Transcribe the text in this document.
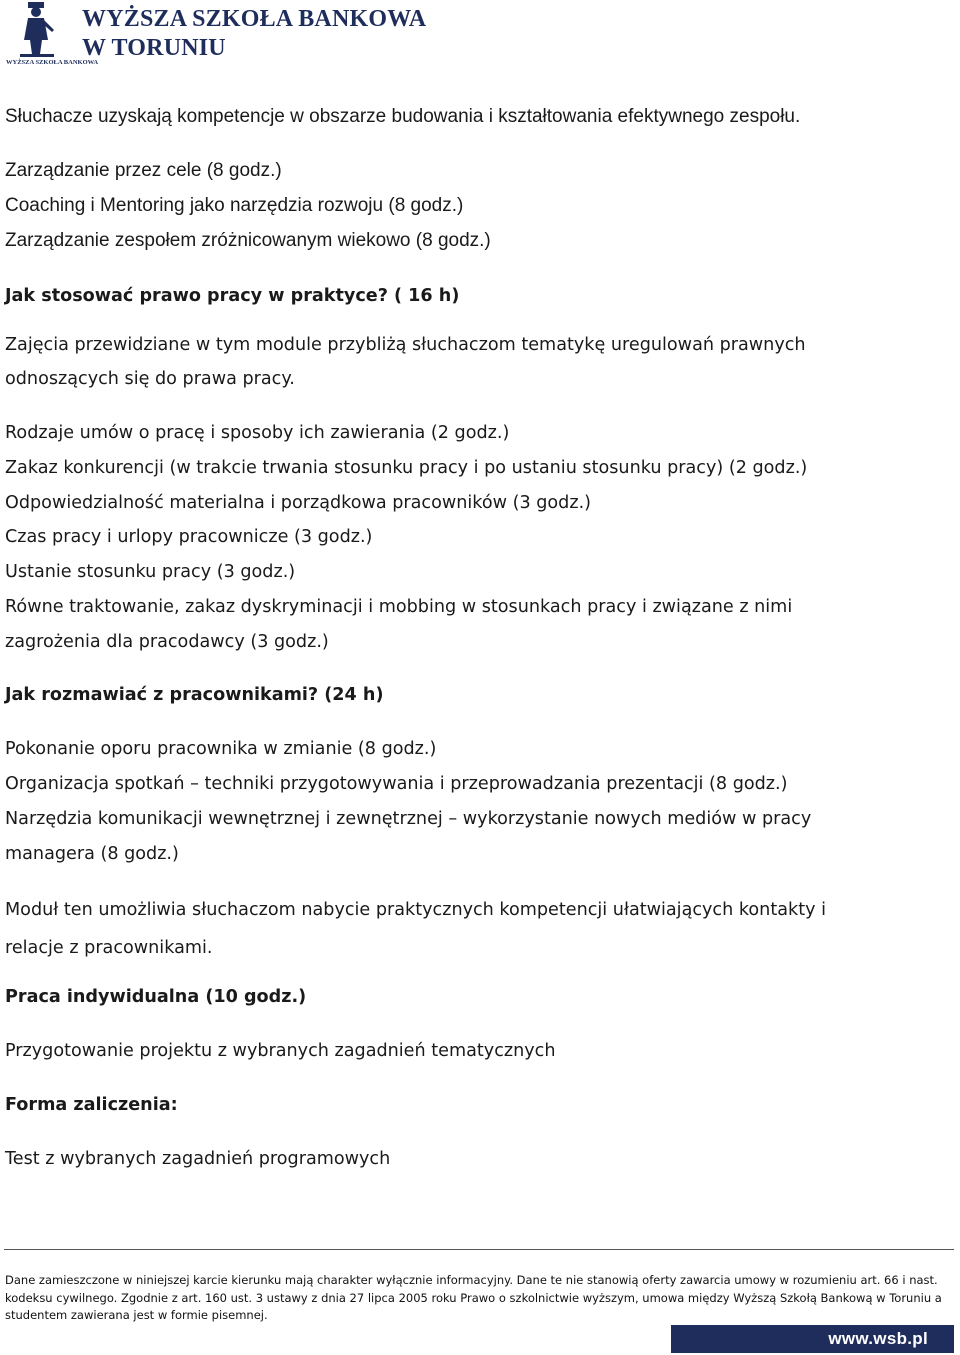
WYŻSZA SZKOŁA BANKOWA
WYŻSZA SZKOŁA BANKOWA
W TORUNIU
Słuchacze uzyskają kompetencje w obszarze budowania i kształtowania efektywnego zespołu.
Zarządzanie przez cele (8 godz.)
Coaching i Mentoring jako narzędzia rozwoju (8 godz.)
Zarządzanie zespołem zróżnicowanym wiekowo (8 godz.)
Jak stosować prawo pracy w praktyce? ( 16 h)
Zajęcia przewidziane w tym module przybliżą słuchaczom tematykę uregulowań prawnych
odnoszących się do prawa pracy.
Rodzaje umów o pracę i sposoby ich zawierania (2 godz.)
Zakaz konkurencji (w trakcie trwania stosunku pracy i po ustaniu stosunku pracy) (2 godz.)
Odpowiedzialność materialna i porządkowa pracowników (3 godz.)
Czas pracy i urlopy pracownicze (3 godz.)
Ustanie stosunku pracy (3 godz.)
Równe traktowanie, zakaz dyskryminacji i mobbing w stosunkach pracy i związane z nimi
zagrożenia dla pracodawcy (3 godz.)
Jak rozmawiać z pracownikami? (24 h)
Pokonanie oporu pracownika w zmianie (8 godz.)
Organizacja spotkań – techniki przygotowywania i przeprowadzania prezentacji (8 godz.)
Narzędzia komunikacji wewnętrznej i zewnętrznej – wykorzystanie nowych mediów w pracy
managera (8 godz.)
Moduł ten umożliwia słuchaczom nabycie praktycznych kompetencji ułatwiających kontakty i
relacje z pracownikami.
Praca indywidualna (10 godz.)
Przygotowanie projektu z wybranych zagadnień tematycznych
Forma zaliczenia:
Test z wybranych zagadnień programowych
Dane zamieszczone w niniejszej karcie kierunku mają charakter wyłącznie informacyjny. Dane te nie stanowią oferty zawarcia umowy w rozumieniu art. 66 i nast.
kodeksu cywilnego. Zgodnie z art. 160 ust. 3 ustawy z dnia 27 lipca 2005 roku Prawo o szkolnictwie wyższym, umowa między Wyższą Szkołą Bankową w Toruniu a
studentem zawierana jest w formie pisemnej.
www.wsb.pl
